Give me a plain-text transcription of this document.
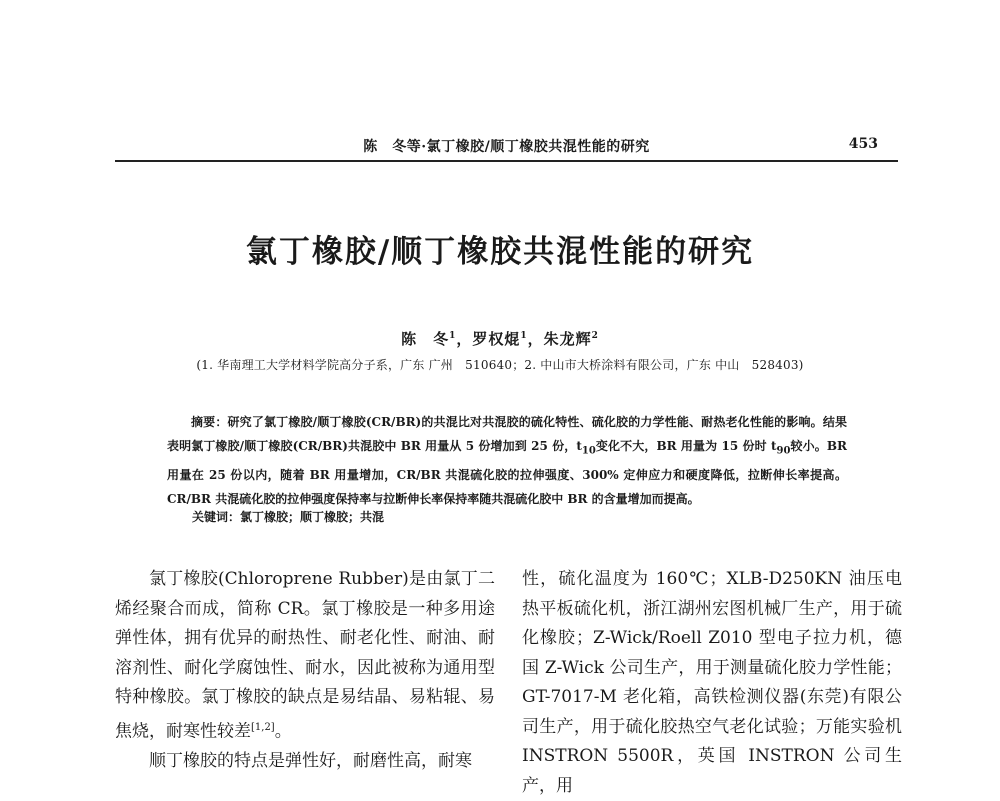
陈　冬等·氯丁橡胶/顺丁橡胶共混性能的研究	453
氯丁橡胶/顺丁橡胶共混性能的研究
陈　冬$^1$，罗权焜$^1$，朱龙辉$^2$
(1. 华南理工大学材料学院高分子系，广东 广州　510640；2. 中山市大桥涂料有限公司，广东 中山　528403)

摘要：研究了氯丁橡胶/顺丁橡胶(CR/BR)的共混比对共混胶的硫化特性、硫化胶的力学性能、耐热老化性能的影响。结果表明氯丁橡胶/顺丁橡胶(CR/BR)共混胶中 BR 用量从 5 份增加到 25 份，$t_{10}$变化不大，BR 用量为 15 份时 $t_{90}$较小。BR 用量在 25 份以内，随着 BR 用量增加，CR/BR 共混硫化胶的拉伸强度、300% 定伸应力和硬度降低，拉断伸长率提高。CR/BR 共混硫化胶的拉伸强度保持率与拉断伸长率保持率随共混硫化胶中 BR 的含量增加而提高。

关键词：氯丁橡胶；顺丁橡胶；共混

氯丁橡胶(Chloroprene Rubber)是由氯丁二烯经聚合而成，简称 CR。氯丁橡胶是一种多用途弹性体，拥有优异的耐热性、耐老化性、耐油、耐溶剂性、耐化学腐蚀性、耐水，因此被称为通用型特种橡胶。氯丁橡胶的缺点是易结晶、易粘辊、易焦烧，耐寒性较差[1,2]。

顺丁橡胶的特点是弹性好，耐磨性高，耐寒

性，硫化温度为 160℃；XLB-D250KN 油压电热平板硫化机，浙江湖州宏图机械厂生产，用于硫化橡胶；Z-Wick/Roell Z010 型电子拉力机，德国 Z-Wick 公司生产，用于测量硫化胶力学性能；GT-7017-M 老化箱，高铁检测仪器(东莞)有限公司生产，用于硫化胶热空气老化试验；万能实验机 INSTRON 5500R，英国 INSTRON 公司生产，用
